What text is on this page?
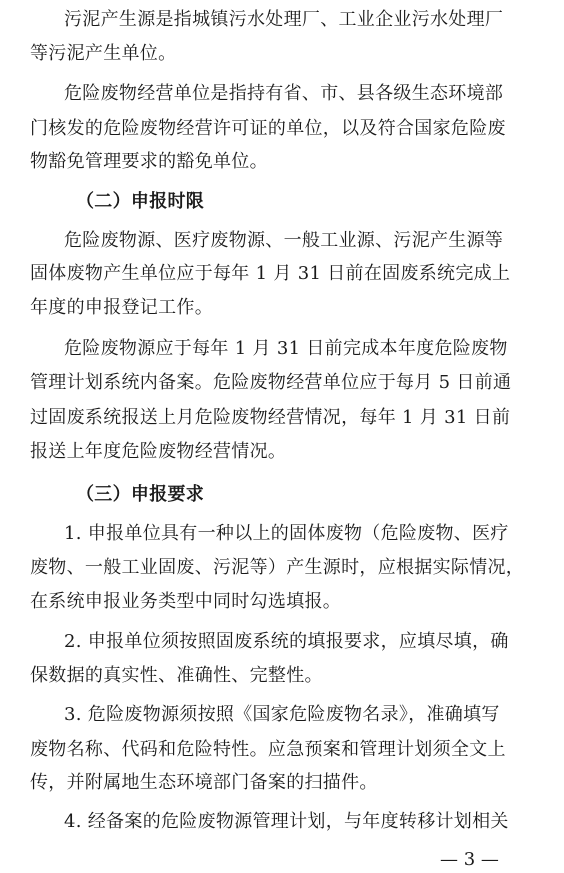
污泥产生源是指城镇污水处理厂、工业企业污水处理厂
等污泥产生单位。
危险废物经营单位是指持有省、市、县各级生态环境部
门核发的危险废物经营许可证的单位，以及符合国家危险废
物豁免管理要求的豁免单位。
（二）申报时限
危险废物源、医疗废物源、一般工业源、污泥产生源等
固体废物产生单位应于每年 1 月 31 日前在固废系统完成上
年度的申报登记工作。
危险废物源应于每年 1 月 31 日前完成本年度危险废物
管理计划系统内备案。危险废物经营单位应于每月 5 日前通
过固废系统报送上月危险废物经营情况，每年 1 月 31 日前
报送上年度危险废物经营情况。
（三）申报要求
1. 申报单位具有一种以上的固体废物（危险废物、医疗
废物、一般工业固废、污泥等）产生源时，应根据实际情况，
在系统申报业务类型中同时勾选填报。
2. 申报单位须按照固废系统的填报要求，应填尽填，确
保数据的真实性、准确性、完整性。
3. 危险废物源须按照《国家危险废物名录》，准确填写
废物名称、代码和危险特性。应急预案和管理计划须全文上
传，并附属地生态环境部门备案的扫描件。
4. 经备案的危险废物源管理计划，与年度转移计划相关
— 3 —
